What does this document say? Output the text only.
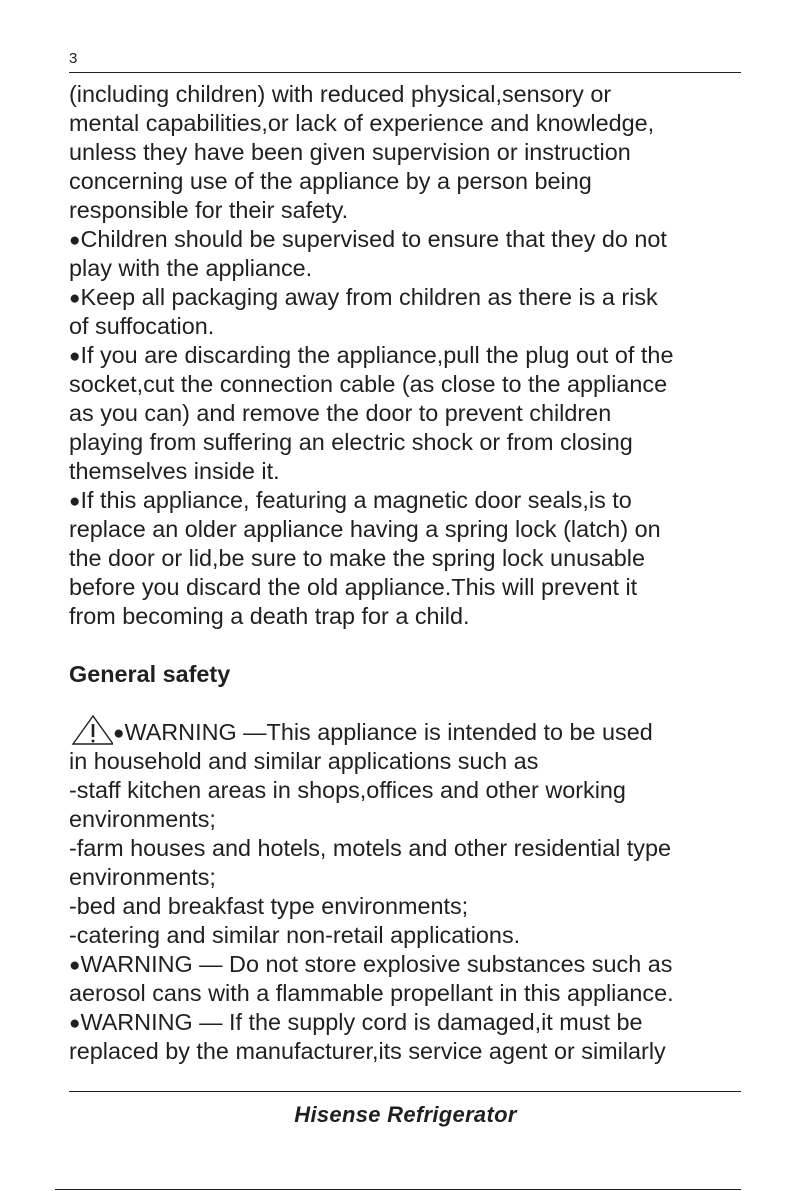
3
(including children) with reduced physical,sensory or
mental capabilities,or lack of experience and knowledge,
unless they have been given supervision or instruction
concerning use of the appliance by a person being
responsible for their safety.
●Children should be supervised to ensure that they do not
play with the appliance.
●Keep all packaging away from children as there is a risk
of suffocation.
●If you are discarding the appliance,pull the plug out of the
socket,cut the connection cable (as close to the appliance
as you can) and remove the door to prevent children
playing from suffering an electric shock or from closing
themselves inside it.
●If this appliance, featuring a magnetic door seals,is to
replace an older appliance having a spring lock (latch) on
the door or lid,be sure to make the spring lock unusable
before you discard the old appliance.This will prevent it
from becoming a death trap for a child.
General safety
●WARNING —This appliance is intended to be used
in household and similar applications such as
-staff kitchen areas in shops,offices and other working
environments;
-farm houses and hotels, motels and other residential type
environments;
-bed and breakfast type environments;
-catering and similar non-retail applications.
●WARNING — Do not store explosive substances such as
aerosol cans with a flammable propellant in this appliance.
●WARNING — If the supply cord is damaged,it must be
replaced by the manufacturer,its service agent or similarly
Hisense Refrigerator
